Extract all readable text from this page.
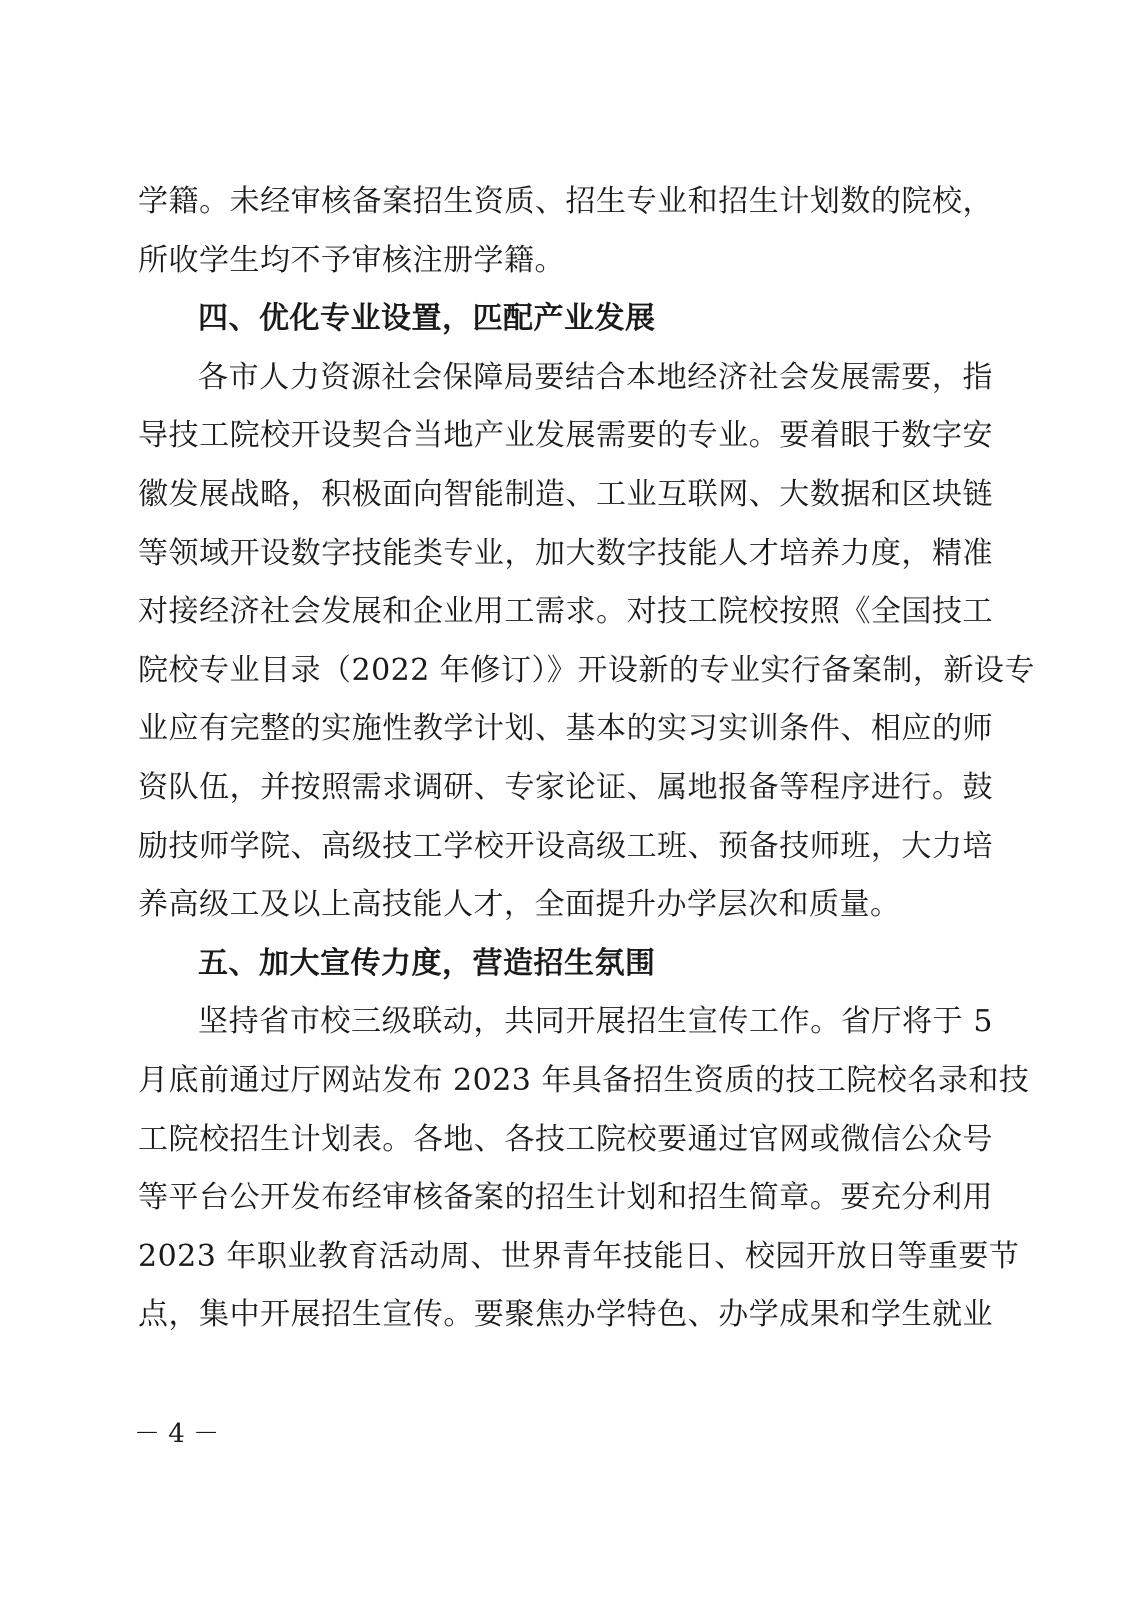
学籍。未经审核备案招生资质、招生专业和招生计划数的院校，
所收学生均不予审核注册学籍。
四、优化专业设置，匹配产业发展
各市人力资源社会保障局要结合本地经济社会发展需要，指
导技工院校开设契合当地产业发展需要的专业。要着眼于数字安
徽发展战略，积极面向智能制造、工业互联网、大数据和区块链
等领域开设数字技能类专业，加大数字技能人才培养力度，精准
对接经济社会发展和企业用工需求。对技工院校按照《全国技工
院校专业目录（2022 年修订）》开设新的专业实行备案制，新设专
业应有完整的实施性教学计划、基本的实习实训条件、相应的师
资队伍，并按照需求调研、专家论证、属地报备等程序进行。鼓
励技师学院、高级技工学校开设高级工班、预备技师班，大力培
养高级工及以上高技能人才，全面提升办学层次和质量。
五、加大宣传力度，营造招生氛围
坚持省市校三级联动，共同开展招生宣传工作。省厅将于 5
月底前通过厅网站发布 2023 年具备招生资质的技工院校名录和技
工院校招生计划表。各地、各技工院校要通过官网或微信公众号
等平台公开发布经审核备案的招生计划和招生简章。要充分利用
2023 年职业教育活动周、世界青年技能日、校园开放日等重要节
点，集中开展招生宣传。要聚焦办学特色、办学成果和学生就业
－ 4 －
